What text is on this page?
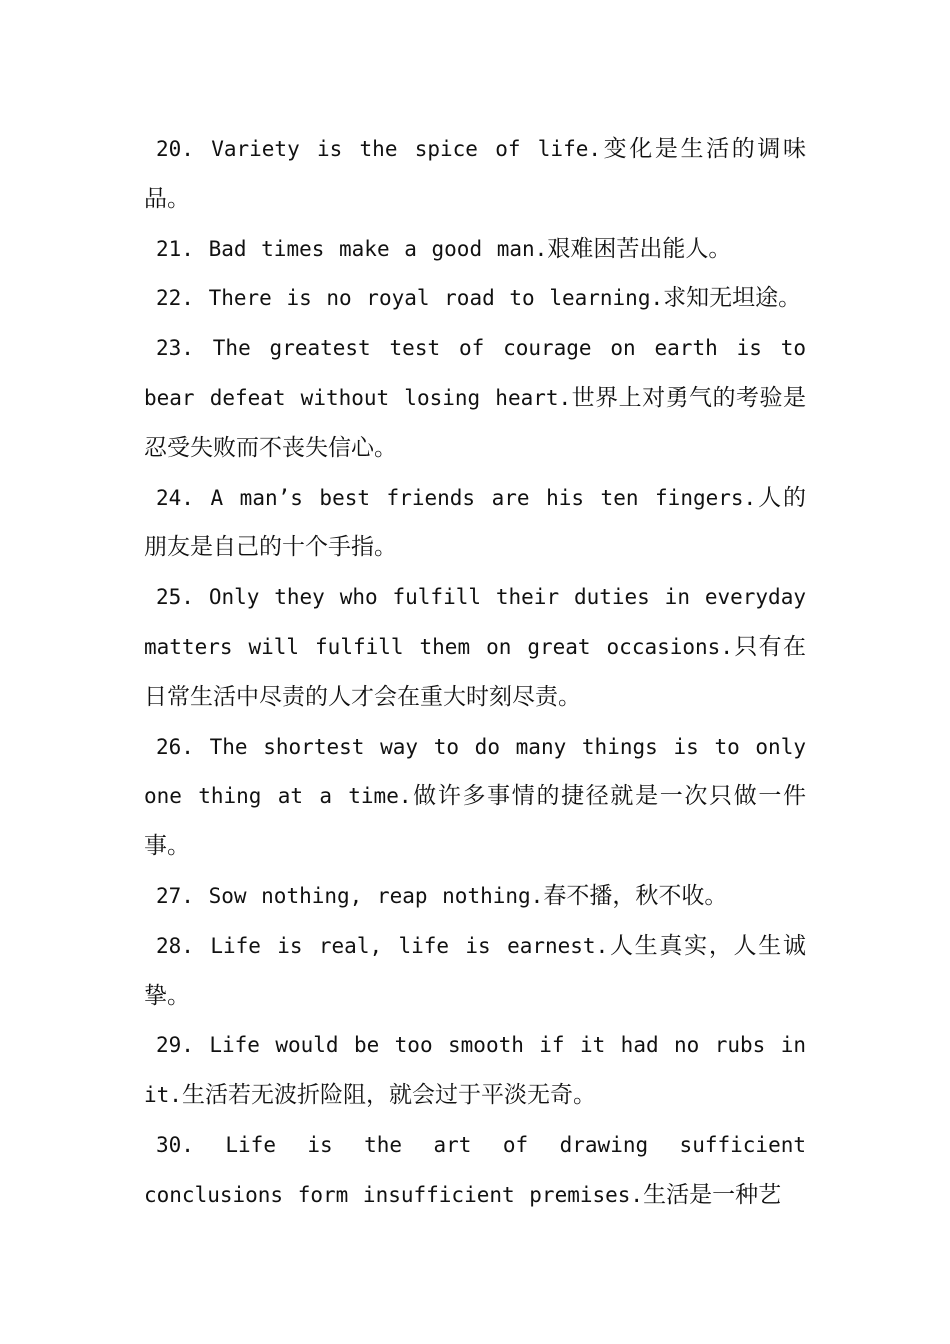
20. Variety is the spice of life.变化是生活的调味品。

21. Bad times make a good man.艰难困苦出能人。

22. There is no royal road to learning.求知无坦途。

23. The greatest test of courage on earth is to bear defeat without losing heart.世界上对勇气的考验是忍受失败而不丧失信心。

24. A man’s best friends are his ten fingers.人的朋友是自己的十个手指。

25. Only they who fulfill their duties in everyday matters will fulfill them on great occasions.只有在日常生活中尽责的人才会在重大时刻尽责。

26. The shortest way to do many things is to only one thing at a time.做许多事情的捷径就是一次只做一件事。

27. Sow nothing, reap nothing.春不播，秋不收。

28. Life is real, life is earnest.人生真实，人生诚挚。

29. Life would be too smooth if it had no rubs in it.生活若无波折险阻，就会过于平淡无奇。

30. Life is the art of drawing sufficient conclusions form insufficient premises.生活是一种艺
